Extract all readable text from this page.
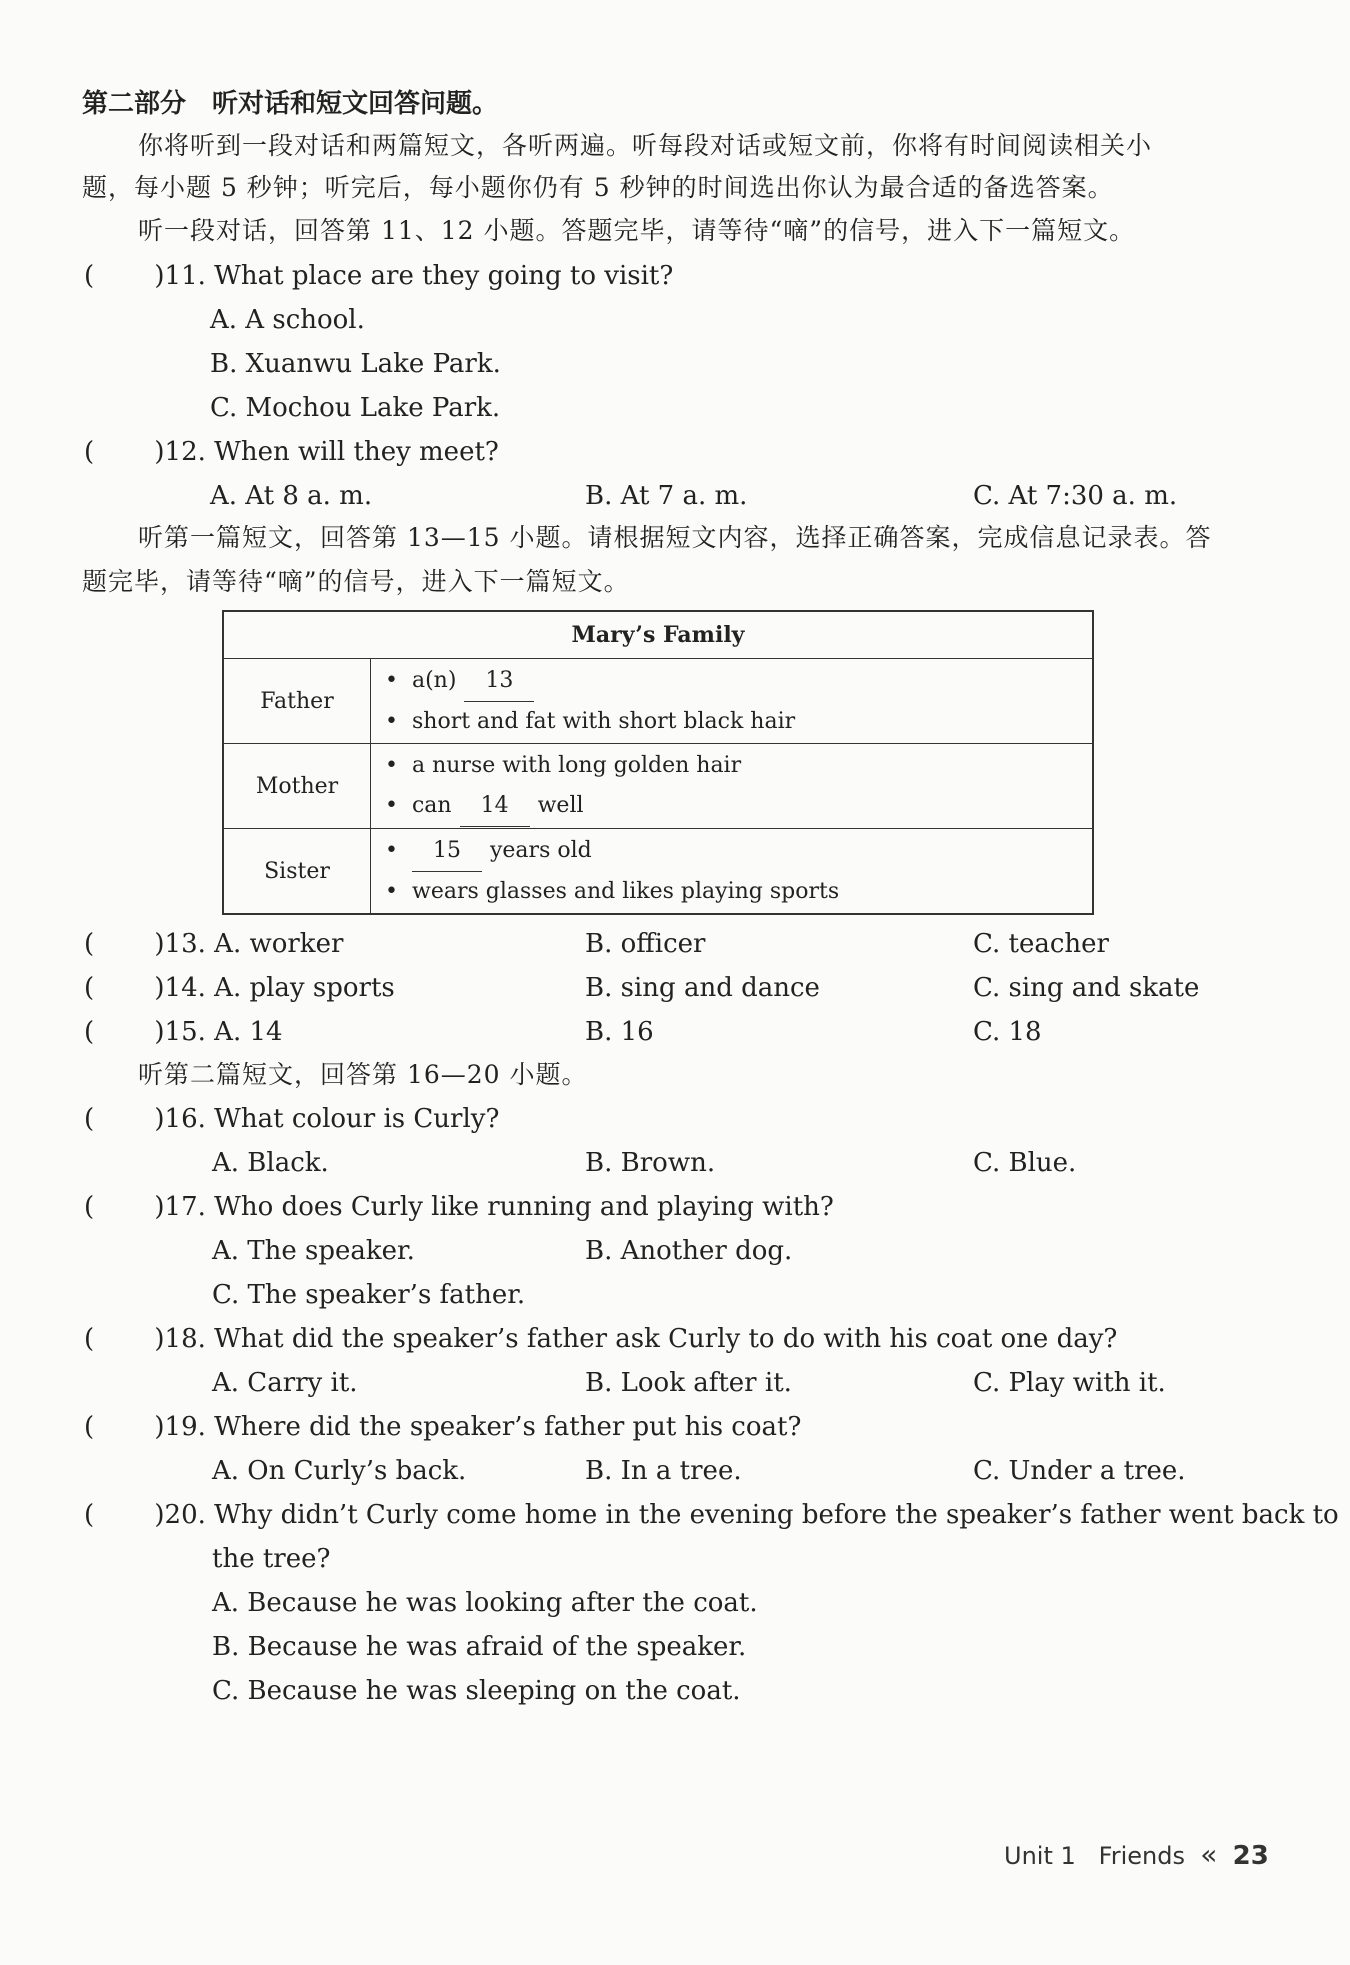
第二部分　听对话和短文回答问题。
你将听到一段对话和两篇短文，各听两遍。听每段对话或短文前，你将有时间阅读相关小
题，每小题 5 秒钟；听完后，每小题你仍有 5 秒钟的时间选出你认为最合适的备选答案。
听一段对话，回答第 11、12 小题。答题完毕，请等待“嘀”的信号，进入下一篇短文。
( 　　)11. What place are they going to visit?
A. A school.
B. Xuanwu Lake Park.
C. Mochou Lake Park.
( 　　)12. When will they meet?
A. At 8 a. m.	B. At 7 a. m.	C. At 7:30 a. m.
听第一篇短文，回答第 13—15 小题。请根据短文内容，选择正确答案，完成信息记录表。答
题完毕，请等待“嘀”的信号，进入下一篇短文。
Mary’s Family	
Father	• a(n) 13
• short and fat with short black hair

Mother	• a nurse with long golden hair
• can 14 well

Sister	• 15 years old
• wears glasses and likes playing sports
( 　　)13. A. worker	B. officer	C. teacher
( 　　)14. A. play sports	B. sing and dance	C. sing and skate
( 　　)15. A. 14	B. 16	C. 18
听第二篇短文，回答第 16—20 小题。
( 　　)16. What colour is Curly?
A. Black.	B. Brown.	C. Blue.
( 　　)17. Who does Curly like running and playing with?
A. The speaker.	B. Another dog.
C. The speaker’s father.
( 　　)18. What did the speaker’s father ask Curly to do with his coat one day?
A. Carry it.	B. Look after it.	C. Play with it.
( 　　)19. Where did the speaker’s father put his coat?
A. On Curly’s back.	B. In a tree.	C. Under a tree.
( 　　)20. Why didn’t Curly come home in the evening before the speaker’s father went back to
the tree?
A. Because he was looking after the coat.
B. Because he was afraid of the speaker.
C. Because he was sleeping on the coat.
Unit 1 Friends « 23
